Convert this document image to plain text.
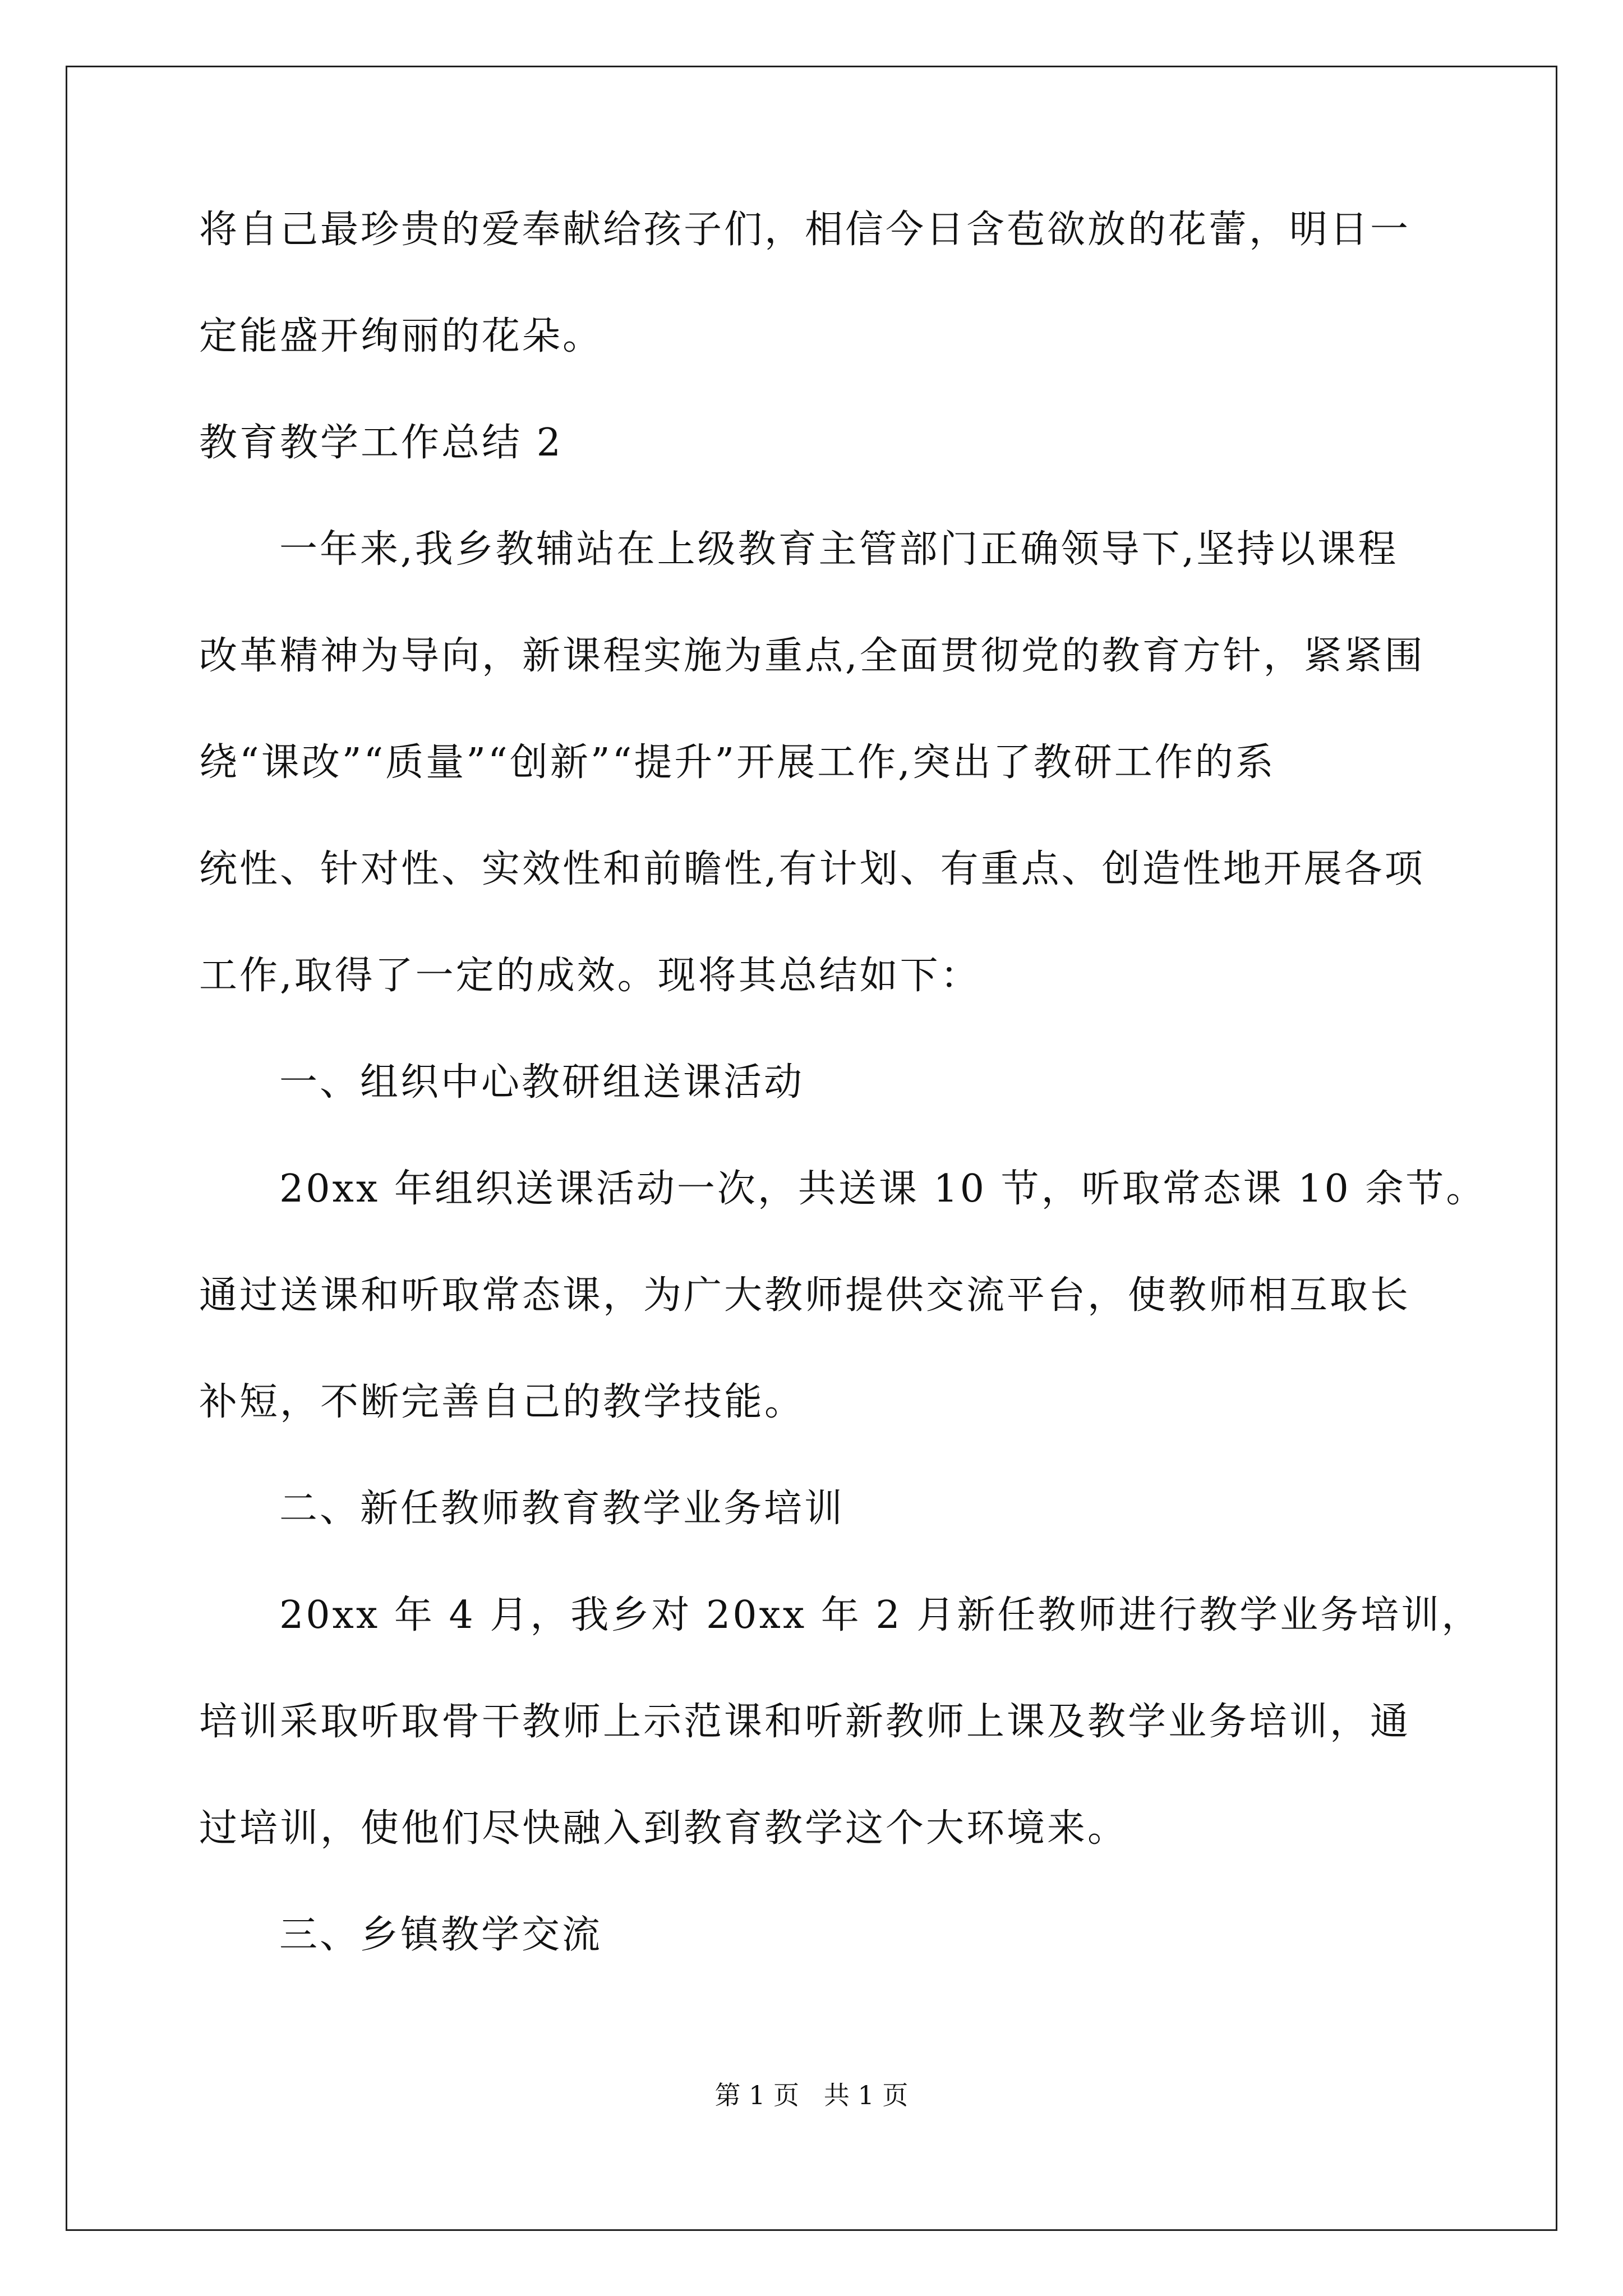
将自己最珍贵的爱奉献给孩子们，相信今日含苞欲放的花蕾，明日一
定能盛开绚丽的花朵。
教育教学工作总结 2
一年来,我乡教辅站在上级教育主管部门正确领导下,坚持以课程
改革精神为导向，新课程实施为重点,全面贯彻党的教育方针，紧紧围
绕“课改”“质量”“创新”“提升”开展工作,突出了教研工作的系
统性、针对性、实效性和前瞻性,有计划、有重点、创造性地开展各项
工作,取得了一定的成效。现将其总结如下：
一、组织中心教研组送课活动
20xx 年组织送课活动一次，共送课 10 节，听取常态课 10 余节。
通过送课和听取常态课，为广大教师提供交流平台，使教师相互取长
补短，不断完善自己的教学技能。
二、新任教师教育教学业务培训
20xx 年 4 月，我乡对 20xx 年 2 月新任教师进行教学业务培训，
培训采取听取骨干教师上示范课和听新教师上课及教学业务培训，通
过培训，使他们尽快融入到教育教学这个大环境来。
三、乡镇教学交流
第 1 页   共 1 页
